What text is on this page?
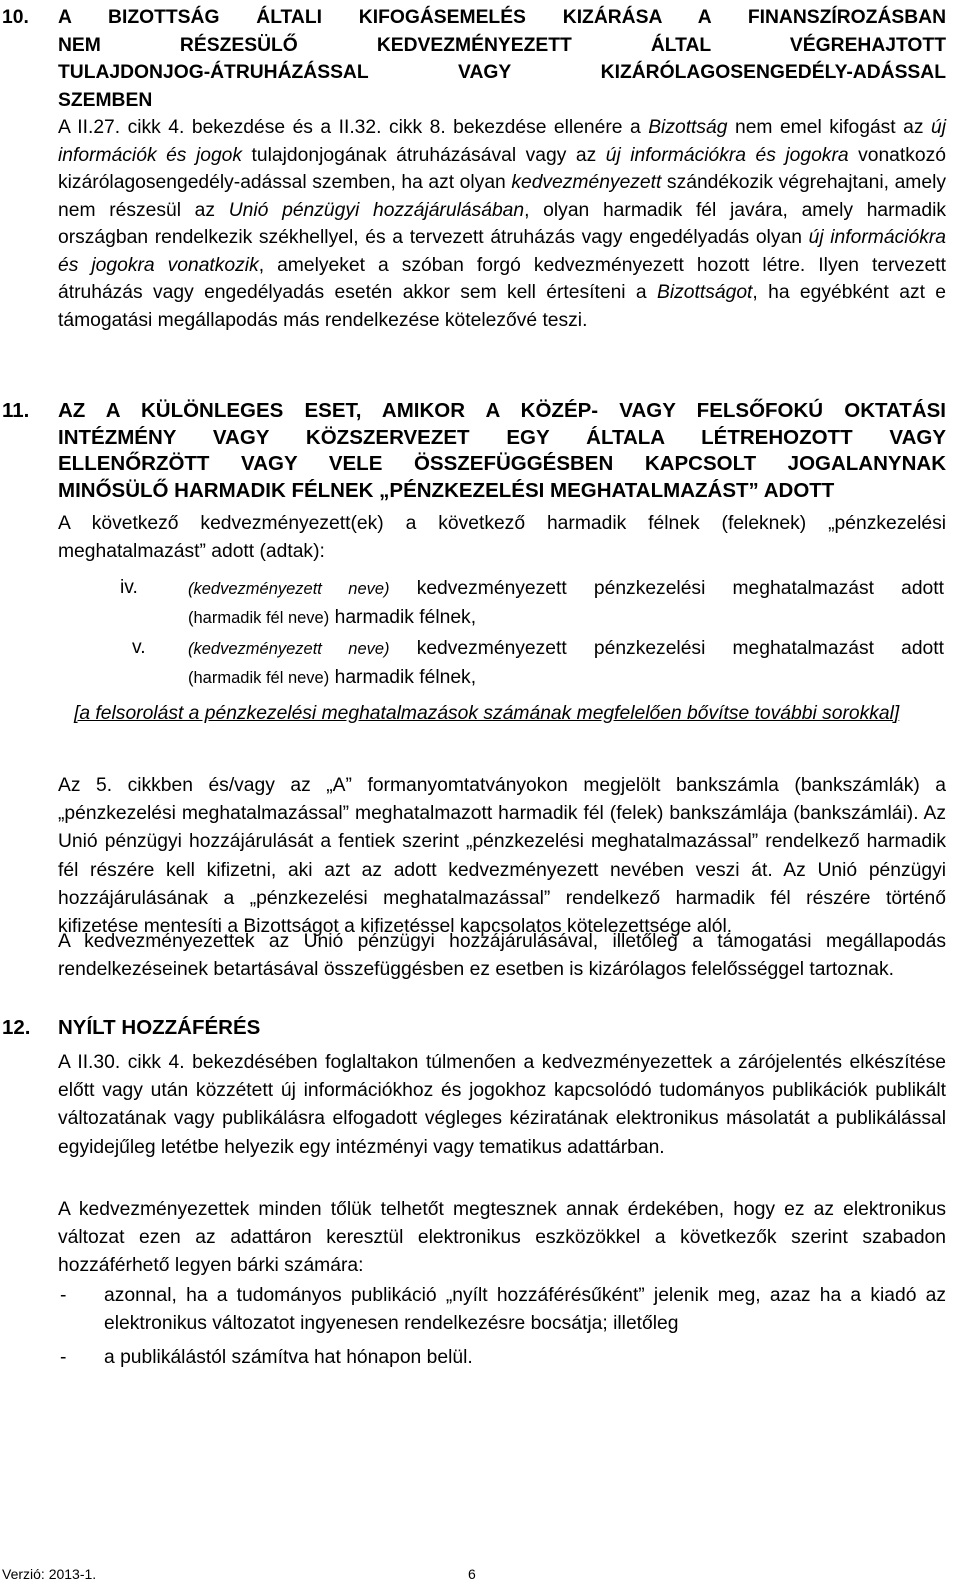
10. A BIZOTTSÁG ÁLTALI KIFOGÁSEMELÉS KIZÁRÁSA A FINANSZÍROZÁSBAN
NEM RÉSZESÜLŐ KEDVEZMÉNYEZETT ÁLTAL VÉGREHAJTOTT
TULAJDONJOG-ÁTRUHÁZÁSSAL VAGY KIZÁRÓLAGOSENGEDÉLY-ADÁSSAL
SZEMBEN
A II.27. cikk 4. bekezdése és a II.32. cikk 8. bekezdése ellenére a Bizottság nem emel kifogást az új információk és jogok tulajdonjogának átruházásával vagy az új információkra és jogokra vonatkozó kizárólagosengedély-adással szemben, ha azt olyan kedvezményezett szándékozik végrehajtani, amely nem részesül az Unió pénzügyi hozzájárulásában, olyan harmadik fél javára, amely harmadik országban rendelkezik székhellyel, és a tervezett átruházás vagy engedélyadás olyan új információkra és jogokra vonatkozik, amelyeket a szóban forgó kedvezményezett hozott létre. Ilyen tervezett átruházás vagy engedélyadás esetén akkor sem kell értesíteni a Bizottságot, ha egyébként azt e támogatási megállapodás más rendelkezése kötelezővé teszi.
11. AZ A KÜLÖNLEGES ESET, AMIKOR A KÖZÉP- VAGY FELSŐFOKÚ OKTATÁSI
INTÉZMÉNY VAGY KÖZSZERVEZET EGY ÁLTALA LÉTREHOZOTT VAGY
ELLENŐRZÖTT VAGY VELE ÖSSZEFÜGGÉSBEN KAPCSOLT JOGALANYNAK
MINŐSÜLŐ HARMADIK FÉLNEK „PÉNZKEZELÉSI MEGHATALMAZÁST” ADOTT
A következő kedvezményezett(ek) a következő harmadik félnek (feleknek) „pénzkezelési meghatalmazást” adott (adtak):
iv.	(kedvezményezett neve) kedvezményezett pénzkezelési meghatalmazást adott
(harmadik fél neve) harmadik félnek,
v.	(kedvezményezett neve) kedvezményezett pénzkezelési meghatalmazást adott
(harmadik fél neve) harmadik félnek,
[a felsorolást a pénzkezelési meghatalmazások számának megfelelően bővítse további sorokkal]
Az 5. cikkben és/vagy az „A” formanyomtatványokon megjelölt bankszámla (bankszámlák) a „pénzkezelési meghatalmazással” meghatalmazott harmadik fél (felek) bankszámlája (bankszámlái). Az Unió pénzügyi hozzájárulását a fentiek szerint „pénzkezelési meghatalmazással” rendelkező harmadik fél részére kell kifizetni, aki azt az adott kedvezményezett nevében veszi át. Az Unió pénzügyi hozzájárulásának a „pénzkezelési meghatalmazással” rendelkező harmadik fél részére történő kifizetése mentesíti a Bizottságot a kifizetéssel kapcsolatos kötelezettsége alól.
A kedvezményezettek az Unió pénzügyi hozzájárulásával, illetőleg a támogatási megállapodás rendelkezéseinek betartásával összefüggésben ez esetben is kizárólagos felelősséggel tartoznak.
12. NYÍLT HOZZÁFÉRÉS
A II.30. cikk 4. bekezdésében foglaltakon túlmenően a kedvezményezettek a zárójelentés elkészítése előtt vagy után közzétett új információkhoz és jogokhoz kapcsolódó tudományos publikációk publikált változatának vagy publikálásra elfogadott végleges kéziratának elektronikus másolatát a publikálással egyidejűleg letétbe helyezik egy intézményi vagy tematikus adattárban.
A kedvezményezettek minden tőlük telhetőt megtesznek annak érdekében, hogy ez az elektronikus változat ezen az adattáron keresztül elektronikus eszközökkel a következők szerint szabadon hozzáférhető legyen bárki számára:
- azonnal, ha a tudományos publikáció „nyílt hozzáférésűként” jelenik meg, azaz ha a kiadó az elektronikus változatot ingyenesen rendelkezésre bocsátja; illetőleg
- a publikálástól számítva hat hónapon belül.
Verzió: 2013-1.	6
